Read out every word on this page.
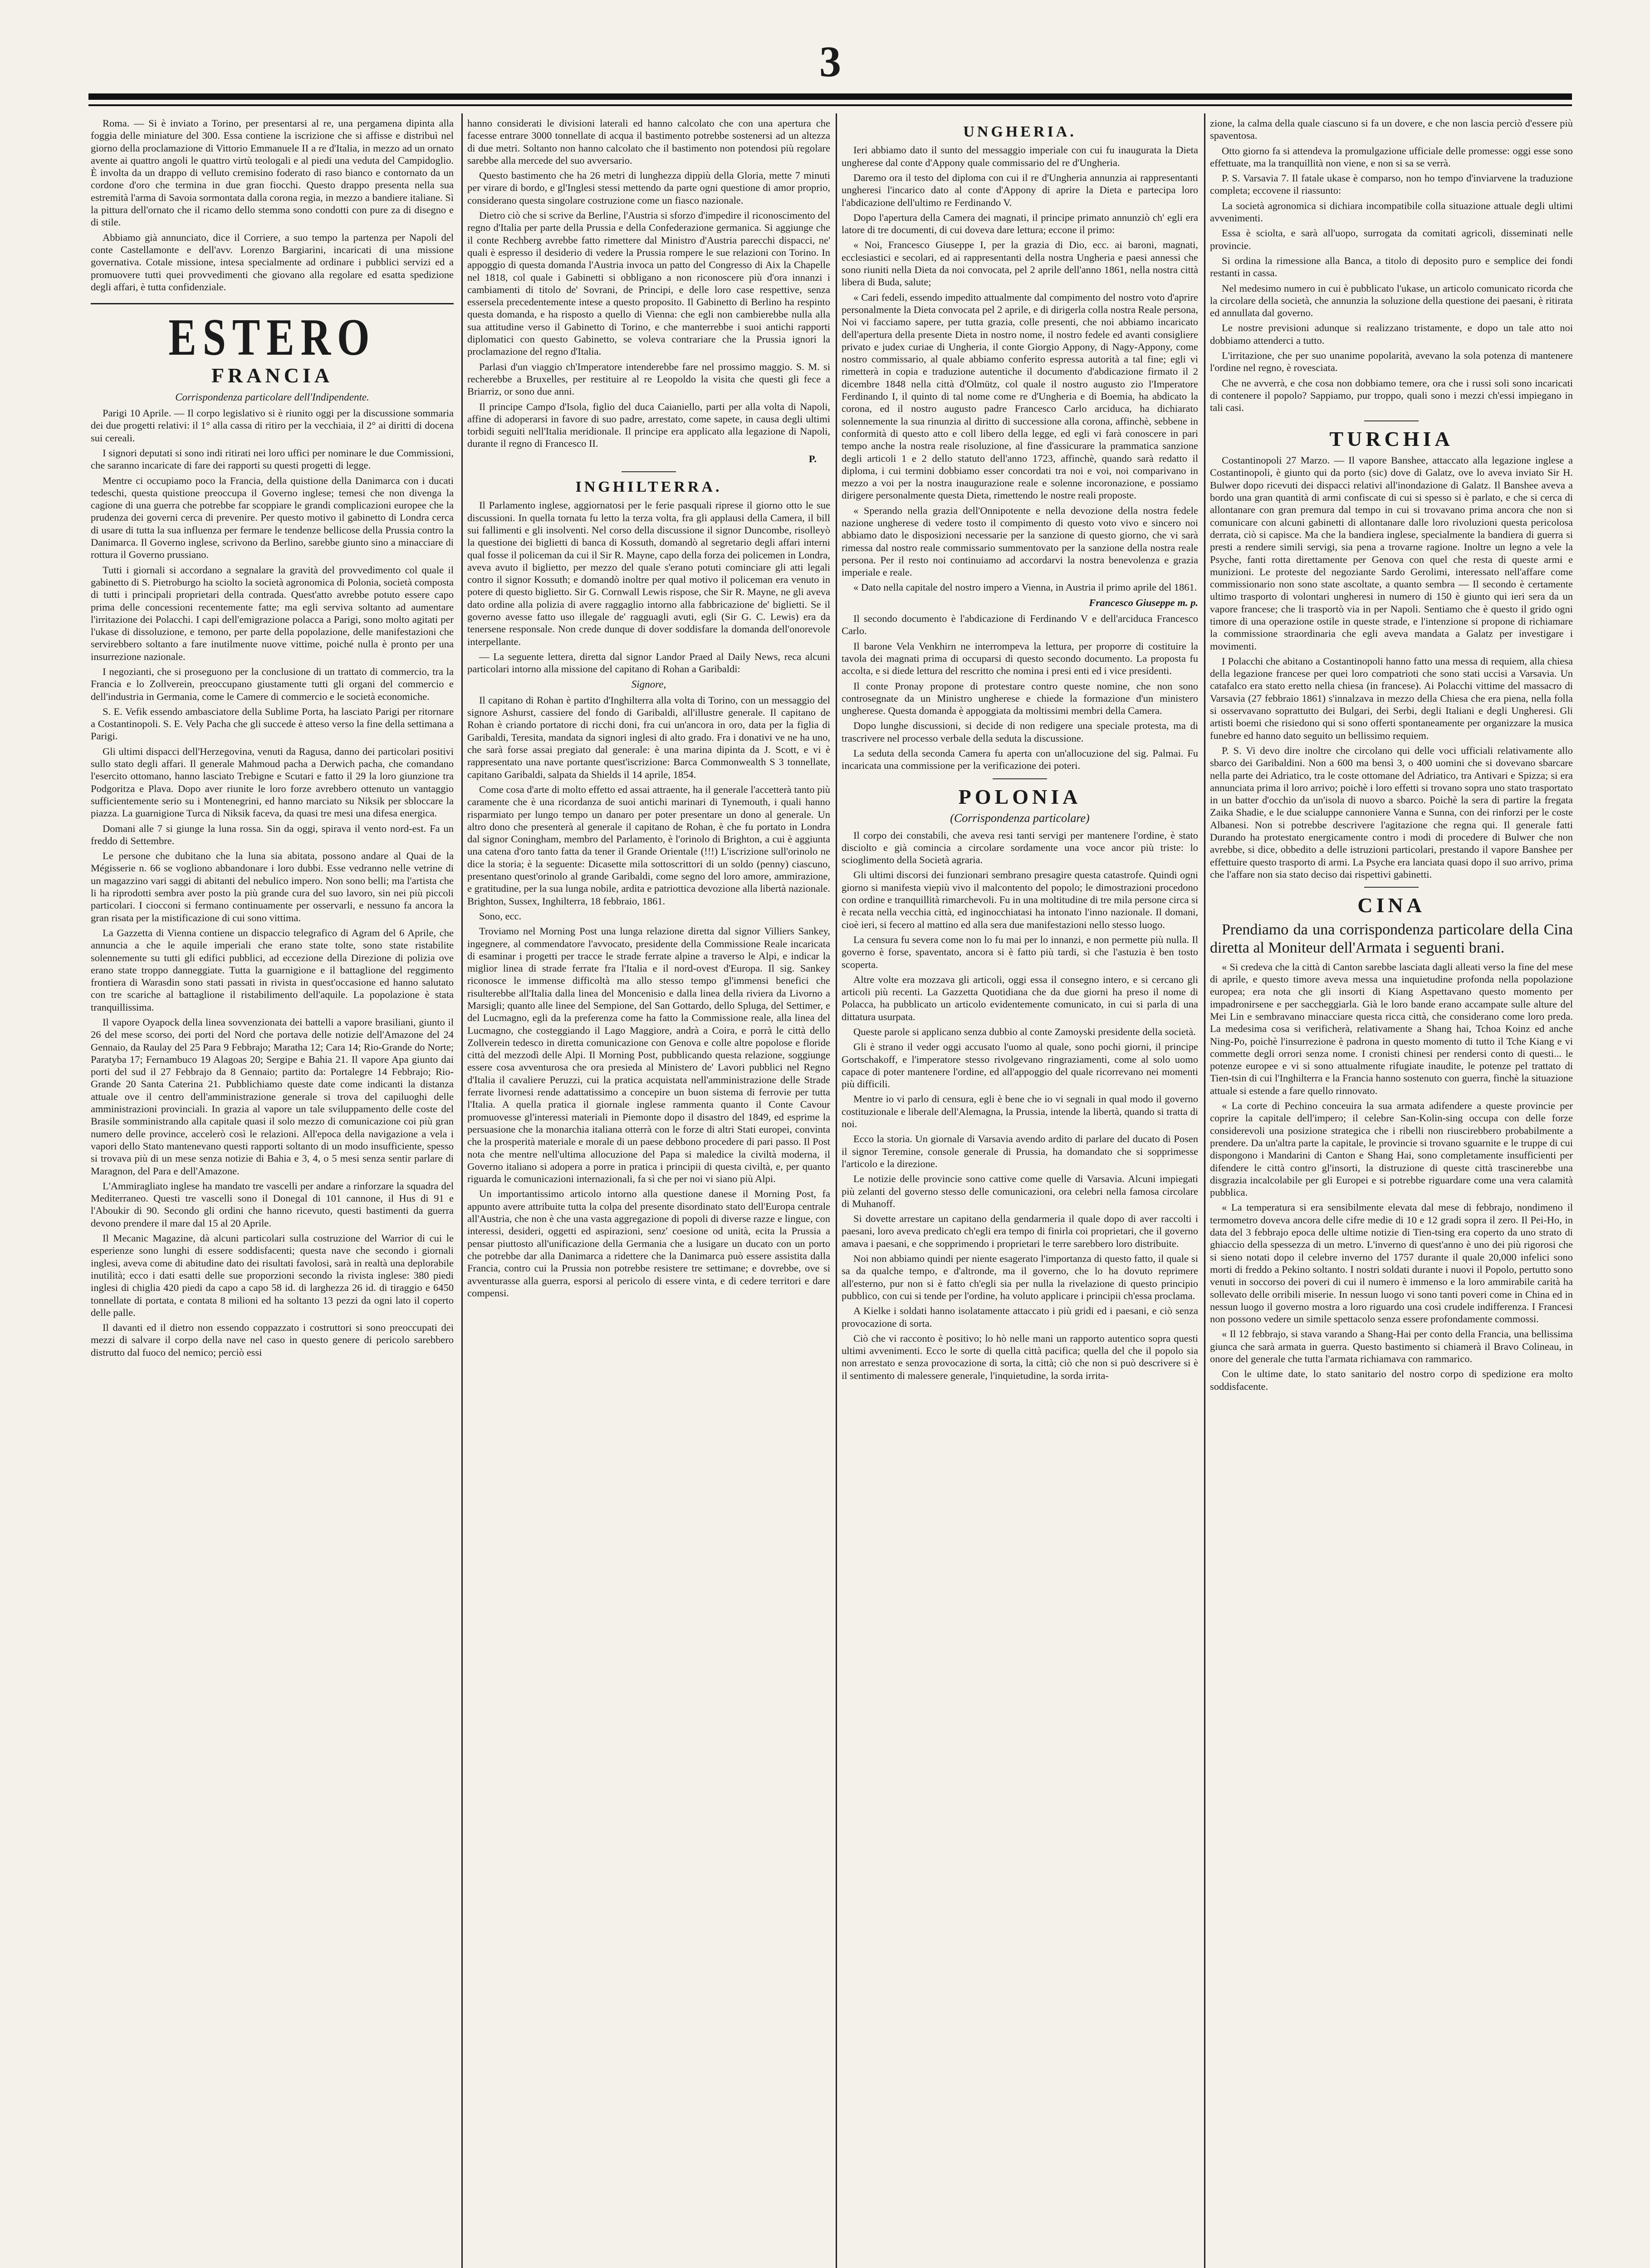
3

Roma. — Si è inviato a Torino, per presentarsi al re, una pergamena dipinta alla foggia delle miniature del 300. Essa contiene la iscrizione che si affisse e distribuì nel giorno della proclamazione di Vittorio Emmanuele II a re d'Italia, in mezzo ad un ornato avente ai quattro angoli le quattro virtù teologali e al piedi una veduta del Campidoglio. È involta da un drappo di velluto cremisino foderato di raso bianco e contornato da un cordone d'oro che termina in due gran fiocchi. Questo drappo presenta nella sua estremità l'arma di Savoia sormontata dalla corona regia, in mezzo a bandiere italiane. Sì la pittura dell'ornato che il ricamo dello stemma sono condotti con pure za di disegno e di stile.

Abbiamo già annunciato, dice il Corriere, a suo tempo la partenza per Napoli del conte Castellamonte e dell'avv. Lorenzo Bargiarini, incaricati di una missione governativa. Cotale missione, intesa specialmente ad ordinare i pubblici servizi ed a promuovere tutti quei provvedimenti che giovano alla regolare ed esatta spedizione degli affari, è tutta confidenziale.

ESTERO
FRANCIA
Corrispondenza particolare dell'Indipendente.

Parigi 10 Aprile. — Il corpo legislativo si è riunito oggi per la discussione sommaria dei due progetti relativi: il 1° alla cassa di ritiro per la vecchiaia, il 2° ai diritti di docena sui cereali.

I signori deputati si sono indi ritirati nei loro uffici per nominare le due Commissioni, che saranno incaricate di fare dei rapporti su questi progetti di legge.

Mentre ci occupiamo poco la Francia, della quistione della Danimarca con i ducati tedeschi, questa quistione preoccupa il Governo inglese; temesi che non divenga la cagione di una guerra che potrebbe far scoppiare le grandi complicazioni europee che la prudenza dei governi cerca di prevenire. Per questo motivo il gabinetto di Londra cerca di usare di tutta la sua influenza per fermare le tendenze bellicose della Prussia contro la Danimarca. Il Governo inglese, scrivono da Berlino, sarebbe giunto sino a minacciare di rottura il Governo prussiano.

Tutti i giornali si accordano a segnalare la gravità del provvedimento col quale il gabinetto di S. Pietroburgo ha sciolto la società agronomica di Polonia, società composta di tutti i principali proprietari della contrada. Quest'atto avrebbe potuto essere capo prima delle concessioni recentemente fatte; ma egli serviva soltanto ad aumentare l'irritazione dei Polacchi. I capi dell'emigrazione polacca a Parigi, sono molto agitati per l'ukase di dissoluzione, e temono, per parte della popolazione, delle manifestazioni che servirebbero soltanto a fare inutilmente nuove vittime, poiché nulla è pronto per una insurrezione nazionale.

I negozianti, che si proseguono per la conclusione di un trattato di commercio, tra la Francia e lo Zollverein, preoccupano giustamente tutti gli organi del commercio e dell'industria in Germania, come le Camere di commercio e le società economiche.

S. E. Vefik essendo ambasciatore della Sublime Porta, ha lasciato Parigi per ritornare a Costantinopoli. S. E. Vely Pacha che gli succede è atteso verso la fine della settimana a Parigi.

Gli ultimi dispacci dell'Herzegovina, venuti da Ragusa, danno dei particolari positivi sullo stato degli affari. Il generale Mahmoud pacha a Derwich pacha, che comandano l'esercito ottomano, hanno lasciato Trebigne e Scutari e fatto il 29 la loro giunzione tra Podgoritza e Plava. Dopo aver riunite le loro forze avrebbero ottenuto un vantaggio sufficientemente serio su i Montenegrini, ed hanno marciato su Niksik per sbloccare la piazza. La guarnigione Turca di Niksik faceva, da quasi tre mesi una difesa energica.

Domani alle 7 si giunge la luna rossa. Sin da oggi, spirava il vento nord-est. Fa un freddo di Settembre.

Le persone che dubitano che la luna sia abitata, possono andare al Quai de la Mégisserie n. 66 se vogliono abbandonare i loro dubbi. Esse vedranno nelle vetrine di un magazzino vari saggi di abitanti del nebulico impero. Non sono belli; ma l'artista che li ha riprodotti sembra aver posto la più grande cura del suo lavoro, sin nei più piccoli particolari. I ciocconi si fermano continuamente per osservarli, e nessuno fa ancora la gran risata per la mistificazione di cui sono vittima.

La Gazzetta di Vienna contiene un dispaccio telegrafico di Agram del 6 Aprile, che annuncia a che le aquile imperiali che erano state tolte, sono state ristabilite solennemente su tutti gli edifici pubblici, ad eccezione della Direzione di polizia ove erano state troppo danneggiate. Tutta la guarnigione e il battaglione del reggimento frontiera di Warasdin sono stati passati in rivista in quest'occasione ed hanno salutato con tre scariche al battaglione il ristabilimento dell'aquile. La popolazione è stata tranquillissima.

Il vapore Oyapock della linea sovvenzionata dei battelli a vapore brasiliani, giunto il 26 del mese scorso, dei porti del Nord che portava delle notizie dell'Amazone del 24 Gennaio, da Raulay del 25 Para 9 Febbrajo; Maratha 12; Cara 14; Rio-Grande do Norte; Paratyba 17; Fernambuco 19 Alagoas 20; Sergipe e Bahia 21. Il vapore Apa giunto dai porti del sud il 27 Febbrajo da 8 Gennaio; partito da: Portalegre 14 Febbrajo; Rio-Grande 20 Santa Caterina 21. Pubblichiamo queste date come indicanti la distanza attuale ove il centro dell'amministrazione generale si trova del capiluoghi delle amministrazioni provinciali. In grazia al vapore un tale sviluppamento delle coste del Brasile somministrando alla capitale quasi il solo mezzo di comunicazione coi più gran numero delle province, accelerò così le relazioni. All'epoca della navigazione a vela i vapori dello Stato mantenevano questi rapporti soltanto di un modo insufficiente, spesso si trovava più di un mese senza notizie di Bahia e 3, 4, o 5 mesi senza sentir parlare di Maragnon, del Para e dell'Amazone.

L'Ammiragliato inglese ha mandato tre vascelli per andare a rinforzare la squadra del Mediterraneo. Questi tre vascelli sono il Donegal di 101 cannone, il Hus di 91 e l'Aboukir di 90. Secondo gli ordini che hanno ricevuto, questi bastimenti da guerra devono prendere il mare dal 15 al 20 Aprile.

Il Mecanic Magazine, dà alcuni particolari sulla costruzione del Warrior di cui le esperienze sono lunghi di essere soddisfacenti; questa nave che secondo i giornali inglesi, aveva come di abitudine dato dei risultati favolosi, sarà in realtà una deplorabile inutilità; ecco i dati esatti delle sue proporzioni secondo la rivista inglese: 380 piedi inglesi di chiglia 420 piedi da capo a capo 58 id. di larghezza 26 id. di tiraggio e 6450 tonnellate di portata, e contata 8 milioni ed ha soltanto 13 pezzi da ogni lato il coperto delle palle.

Il davanti ed il dietro non essendo coppazzato i costruttori si sono preoccupati dei mezzi di salvare il corpo della nave nel caso in questo genere di pericolo sarebbero distrutto dal fuoco del nemico; perciò essi

hanno considerati le divisioni laterali ed hanno calcolato che con una apertura che facesse entrare 3000 tonnellate di acqua il bastimento potrebbe sostenersi ad un altezza di due metri. Soltanto non hanno calcolato che il bastimento non potendosi più regolare sarebbe alla mercede del suo avversario.

Questo bastimento che ha 26 metri di lunghezza dippiù della Gloria, mette 7 minuti per virare di bordo, e gl'Inglesi stessi mettendo da parte ogni questione di amor proprio, considerano questa singolare costruzione come un fiasco nazionale.

Dietro ciò che si scrive da Berline, l'Austria si sforzo d'impedire il riconoscimento del regno d'Italia per parte della Prussia e della Confederazione germanica. Si aggiunge che il conte Rechberg avrebbe fatto rimettere dal Ministro d'Austria parecchi dispacci, ne' quali è espresso il desiderio di vedere la Prussia rompere le sue relazioni con Torino. In appoggio di questa domanda l'Austria invoca un patto del Congresso di Aix la Chapelle nel 1818, col quale i Gabinetti si obbligano a non riconoscere più d'ora innanzi i cambiamenti di titolo de' Sovrani, de Principi, e delle loro case respettive, senza essersela precedentemente intese a questo proposito. Il Gabinetto di Berlino ha respinto questa domanda, e ha risposto a quello di Vienna: che egli non cambierebbe nulla alla sua attitudine verso il Gabinetto di Torino, e che manterrebbe i suoi antichi rapporti diplomatici con questo Gabinetto, se voleva contrariare che la Prussia ignori la proclamazione del regno d'Italia.

Parlasi d'un viaggio ch'Imperatore intenderebbe fare nel prossimo maggio. S. M. si recherebbe a Bruxelles, per restituire al re Leopoldo la visita che questi gli fece a Briarriz, or sono due anni.

Il principe Campo d'Isola, figlio del duca Caianiello, parti per alla volta di Napoli, affine di adoperarsi in favore di suo padre, arrestato, come sapete, in causa degli ultimi torbidi seguiti nell'Italia meridionale. Il principe era applicato alla legazione di Napoli, durante il regno di Francesco II.

P.
INGHILTERRA.

Il Parlamento inglese, aggiornatosi per le ferie pasquali riprese il giorno otto le sue discussioni. In quella tornata fu letto la terza volta, fra gli applausi della Camera, il bill sui fallimenti e gli insolventi. Nel corso della discussione il signor Duncombe, risolleyò la questione dei biglietti di banca di Kossuth, domandò al segretario degli affari interni qual fosse il policeman da cui il Sir R. Mayne, capo della forza dei policemen in Londra, aveva avuto il biglietto, per mezzo del quale s'erano potuti cominciare gli atti legali contro il signor Kossuth; e domandò inoltre per qual motivo il policeman era venuto in potere di questo biglietto. Sir G. Cornwall Lewis rispose, che Sir R. Mayne, ne gli aveva dato ordine alla polizia di avere raggaglio intorno alla fabbricazione de' biglietti. Se il governo avesse fatto uso illegale de' ragguagli avuti, egli (Sir G. C. Lewis) era da tenersene responsale. Non crede dunque di dover soddisfare la domanda dell'onorevole interpellante.

— La seguente lettera, diretta dal signor Landor Praed al Daily News, reca alcuni particolari intorno alla missione del capitano di Rohan a Garibaldi:

Signore,

Il capitano di Rohan è partito d'Inghilterra alla volta di Torino, con un messaggio del signore Ashurst, cassiere del fondo di Garibaldi, all'illustre generale. Il capitano de Rohan è criando portatore di ricchi doni, fra cui un'ancora in oro, data per la figlia di Garibaldi, Teresita, mandata da signori inglesi di alto grado. Fra i donativi ve ne ha uno, che sarà forse assai pregiato dal generale: è una marina dipinta da J. Scott, e vi è rappresentato una nave portante quest'iscrizione: Barca Commonwealth S 3 tonnellate, capitano Garibaldi, salpata da Shields il 14 aprile, 1854.

Come cosa d'arte di molto effetto ed assai attraente, ha il generale l'accetterà tanto più caramente che è una ricordanza de suoi antichi marinari di Tynemouth, i quali hanno risparmiato per lungo tempo un danaro per poter presentare un dono al generale. Un altro dono che presenterà al generale il capitano de Rohan, è che fu portato in Londra dal signor Coningham, membro del Parlamento, è l'orinolo di Brighton, a cui è aggiunta una catena d'oro tanto fatta da tener il Grande Orientale (!!!) L'iscrizione sull'orinolo ne dice la storia; è la seguente: Dicasette mila sottoscrittori di un soldo (penny) ciascuno, presentano quest'orinolo al grande Garibaldi, come segno del loro amore, ammirazione, e gratitudine, per la sua lunga nobile, ardita e patriottica devozione alla libertà nazionale. Brighton, Sussex, Inghilterra, 18 febbraio, 1861.

Sono, ecc.

Troviamo nel Morning Post una lunga relazione diretta dal signor Villiers Sankey, ingegnere, al commendatore l'avvocato, presidente della Commissione Reale incaricata di esaminar i progetti per tracce le strade ferrate alpine a traverso le Alpi, e indicar la miglior linea di strade ferrate fra l'Italia e il nord-ovest d'Europa. Il sig. Sankey riconosce le immense difficoltà ma allo stesso tempo gl'immensi benefici che risulterebbe all'Italia dalla linea del Moncenisio e dalla linea della riviera da Livorno a Marsigli; quanto alle linee del Sempione, del San Gottardo, dello Spluga, del Settimer, e del Lucmagno, egli da la preferenza come ha fatto la Commissione reale, alla linea del Lucmagno, che costeggiando il Lago Maggiore, andrà a Coira, e porrà le città dello Zollverein tedesco in diretta comunicazione con Genova e colle altre popolose e floride città del mezzodì delle Alpi. Il Morning Post, pubblicando questa relazione, soggiunge essere cosa avventurosa che ora presieda al Ministero de' Lavori pubblici nel Regno d'Italia il cavaliere Peruzzi, cui la pratica acquistata nell'amministrazione delle Strade ferrate livornesi rende adattatissimo a concepire un buon sistema di ferrovie per tutta l'Italia. A quella pratica il giornale inglese rammenta quanto il Conte Cavour promuovesse gl'interessi materiali in Piemonte dopo il disastro del 1849, ed esprime la persuasione che la monarchia italiana otterrà con le forze di altri Stati europei, convinta che la prosperità materiale e morale di un paese debbono procedere di pari passo. Il Post nota che mentre nell'ultima allocuzione del Papa si maledice la civiltà moderna, il Governo italiano si adopera a porre in pratica i principii di questa civiltà, e, per quanto riguarda le comunicazioni internazionali, fa sì che per noi vi siano più Alpi.

Un importantissimo articolo intorno alla questione danese il Morning Post, fa appunto avere attribuite tutta la colpa del presente disordinato stato dell'Europa centrale all'Austria, che non è che una vasta aggregazione di popoli di diverse razze e lingue, con interessi, desideri, oggetti ed aspirazioni, senz' coesione od unità, ecita la Prussia a pensar piuttosto all'unificazione della Germania che a lusigare un ducato con un porto che potrebbe dar alla Danimarca a ridettere che la Danimarca può essere assistita dalla Francia, contro cui la Prussia non potrebbe resistere tre settimane; e dovrebbe, ove si avventurasse alla guerra, esporsi al pericolo di essere vinta, e di cedere territori e dare compensi.

UNGHERIA.

Ieri abbiamo dato il sunto del messaggio imperiale con cui fu inaugurata la Dieta ungherese dal conte d'Appony quale commissario del re d'Ungheria.

Daremo ora il testo del diploma con cui il re d'Ungheria annunzia ai rappresentanti ungheresi l'incarico dato al conte d'Appony di aprire la Dieta e partecipa loro l'abdicazione dell'ultimo re Ferdinando V.

Dopo l'apertura della Camera dei magnati, il principe primato annunziò ch' egli era latore di tre documenti, di cui doveva dare lettura; eccone il primo:

« Noi, Francesco Giuseppe I, per la grazia di Dio, ecc. ai baroni, magnati, ecclesiastici e secolari, ed ai rappresentanti della nostra Ungheria e paesi annessi che sono riuniti nella Dieta da noi convocata, pel 2 aprile dell'anno 1861, nella nostra città libera di Buda, salute;

« Cari fedeli, essendo impedito attualmente dal compimento del nostro voto d'aprire personalmente la Dieta convocata pel 2 aprile, e di dirigerla colla nostra Reale persona, Noi vi facciamo sapere, per tutta grazia, colle presenti, che noi abbiamo incaricato dell'apertura della presente Dieta in nostro nome, il nostro fedele ed avanti consigliere privato e judex curiae di Ungheria, il conte Giorgio Appony, di Nagy-Appony, come nostro commissario, al quale abbiamo conferito espressa autorità a tal fine; egli vi rimetterà in copia e traduzione autentiche il documento d'abdicazione firmato il 2 dicembre 1848 nella città d'Olmütz, col quale il nostro augusto zio l'Imperatore Ferdinando I, il quinto di tal nome come re d'Ungheria e di Boemia, ha abdicato la corona, ed il nostro augusto padre Francesco Carlo arciduca, ha dichiarato solennemente la sua rinunzia al diritto di successione alla corona, affinchè, sebbene in conformità di questo atto e coll libero della legge, ed egli vi farà conoscere in pari tempo anche la nostra reale risoluzione, al fine d'assicurare la prammatica sanzione degli articoli 1 e 2 dello statuto dell'anno 1723, affinchè, quando sarà redatto il diploma, i cui termini dobbiamo esser concordati tra noi e voi, noi comparivano in mezzo a voi per la nostra inaugurazione reale e solenne incoronazione, e possiamo dirigere personalmente questa Dieta, rimettendo le nostre reali proposte.

« Sperando nella grazia dell'Onnipotente e nella devozione della nostra fedele nazione ungherese di vedere tosto il compimento di questo voto vivo e sincero noi abbiamo dato le disposizioni necessarie per la sanzione di questo giorno, che vi sarà rimessa dal nostro reale commissario summentovato per la sanzione della nostra reale persona. Per il resto noi continuiamo ad accordarvi la nostra benevolenza e grazia imperiale e reale.

« Dato nella capitale del nostro impero a Vienna, in Austria il primo aprile del 1861.

Francesco Giuseppe m. p.

Il secondo documento è l'abdicazione di Ferdinando V e dell'arciduca Francesco Carlo.

Il barone Vela Venkhirn ne interrompeva la lettura, per proporre di costituire la tavola dei magnati prima di occuparsi di questo secondo documento. La proposta fu accolta, e si diede lettura del rescritto che nomina i presi enti ed i vice presidenti.

Il conte Pronay propone di protestare contro queste nomine, che non sono controsegnate da un Ministro ungherese e chiede la formazione d'un ministero ungherese. Questa domanda è appoggiata da moltissimi membri della Camera.

Dopo lunghe discussioni, si decide di non redigere una speciale protesta, ma di trascrivere nel processo verbale della seduta la discussione.

La seduta della seconda Camera fu aperta con un'allocuzione del sig. Palmai. Fu incaricata una commissione per la verificazione dei poteri.

POLONIA
(Corrispondenza particolare)

Il corpo dei constabili, che aveva resi tanti servigi per mantenere l'ordine, è stato disciolto e già comincia a circolare sordamente una voce ancor più triste: lo scioglimento della Società agraria.

Gli ultimi discorsi dei funzionari sembrano presagire questa catastrofe. Quindi ogni giorno si manifesta viepiù vivo il malcontento del popolo; le dimostrazioni procedono con ordine e tranquillità rimarchevoli. Fu in una moltitudine di tre mila persone circa si è recata nella vecchia città, ed inginocchiatasi ha intonato l'inno nazionale. Il domani, cioè ieri, si fecero al mattino ed alla sera due manifestazioni nello stesso luogo.

La censura fu severa come non lo fu mai per lo innanzi, e non permette più nulla. Il governo è forse, spaventato, ancora si è fatto più tardi, sì che l'astuzia è ben tosto scoperta.

Altre volte era mozzava gli articoli, oggi essa il consegno intero, e si cercano gli articoli più recenti. La Gazzetta Quotidiana che da due giorni ha preso il nome di Polacca, ha pubblicato un articolo evidentemente comunicato, in cui si parla di una dittatura usurpata.

Queste parole si applicano senza dubbio al conte Zamoyski presidente della società.

Gli è strano il veder oggi accusato l'uomo al quale, sono pochi giorni, il principe Gortschakoff, e l'imperatore stesso rivolgevano ringraziamenti, come al solo uomo capace di poter mantenere l'ordine, ed all'appoggio del quale ricorrevano nei momenti più difficili.

Mentre io vi parlo di censura, egli è bene che io vi segnali in qual modo il governo costituzionale e liberale dell'Alemagna, la Prussia, intende la libertà, quando si tratta di noi.

Ecco la storia. Un giornale di Varsavia avendo ardito di parlare del ducato di Posen il signor Teremine, console generale di Prussia, ha domandato che si sopprimesse l'articolo e la direzione.

Le notizie delle provincie sono cattive come quelle di Varsavia. Alcuni impiegati più zelanti del governo stesso delle comunicazioni, ora celebri nella famosa circolare di Muhanoff.

Si dovette arrestare un capitano della gendarmeria il quale dopo di aver raccolti i paesani, loro aveva predicato ch'egli era tempo di finirla coi proprietari, che il governo amava i paesani, e che sopprimendo i proprietari le terre sarebbero loro distribuite.

Noi non abbiamo quindi per niente esagerato l'importanza di questo fatto, il quale si sa da qualche tempo, e d'altronde, ma il governo, che lo ha dovuto reprimere all'esterno, pur non si è fatto ch'egli sia per nulla la rivelazione di questo principio pubblico, con cui si tende per l'ordine, ha voluto applicare i principii ch'essa proclama.

A Kielke i soldati hanno isolatamente attaccato i più gridi ed i paesani, e ciò senza provocazione di sorta.

Ciò che vi racconto è positivo; lo hò nelle mani un rapporto autentico sopra questi ultimi avvenimenti. Ecco le sorte di quella città pacifica; quella del che il popolo sia non arrestato e senza provocazione di sorta, la città; ciò che non si può descrivere si è il sentimento di malessere generale, l'inquietudine, la sorda irrita-

zione, la calma della quale ciascuno si fa un dovere, e che non lascia perciò d'essere più spaventosa.

Otto giorno fa si attendeva la promulgazione ufficiale delle promesse: oggi esse sono effettuate, ma la tranquillità non viene, e non si sa se verrà.

P. S. Varsavia 7. Il fatale ukase è comparso, non ho tempo d'inviarvene la traduzione completa; eccovene il riassunto:

La società agronomica si dichiara incompatibile colla situazione attuale degli ultimi avvenimenti.

Essa è sciolta, e sarà all'uopo, surrogata da comitati agricoli, disseminati nelle provincie.

Si ordina la rimessione alla Banca, a titolo di deposito puro e semplice dei fondi restanti in cassa.

Nel medesimo numero in cui è pubblicato l'ukase, un articolo comunicato ricorda che la circolare della società, che annunzia la soluzione della questione dei paesani, è ritirata ed annullata dal governo.

Le nostre previsioni adunque si realizzano tristamente, e dopo un tale atto noi dobbiamo attenderci a tutto.

L'irritazione, che per suo unanime popolarità, avevano la sola potenza di mantenere l'ordine nel regno, è rovesciata.

Che ne avverrà, e che cosa non dobbiamo temere, ora che i russi soli sono incaricati di contenere il popolo? Sappiamo, pur troppo, quali sono i mezzi ch'essi impiegano in tali casi.

TURCHIA

Costantinopoli 27 Marzo. — Il vapore Banshee, attaccato alla legazione inglese a Costantinopoli, è giunto qui da porto (sic) dove di Galatz, ove lo aveva inviato Sir H. Bulwer dopo ricevuti dei dispacci relativi all'inondazione di Galatz. Il Banshee aveva a bordo una gran quantità di armi confiscate di cui si spesso si è parlato, e che si cerca di allontanare con gran premura dal tempo in cui si trovavano prima ancora che non si comunicare con alcuni gabinetti di allontanare dalle loro rivoluzioni questa pericolosa derrata, ciò si capisce. Ma che la bandiera inglese, specialmente la bandiera di guerra si presti a rendere simili servigi, sia pena a trovarne ragione. Inoltre un legno a vele la Psyche, fanti rotta direttamente per Genova con quel che resta di queste armi e munizioni. Le proteste del negoziante Sardo Gerolimi, interessato nell'affare come commissionario non sono state ascoltate, a quanto sembra — Il secondo è certamente ultimo trasporto di volontari ungheresi in numero di 150 è giunto qui ieri sera da un vapore francese; che li trasportò via in per Napoli. Sentiamo che è questo il grido ogni timore di una operazione ostile in queste strade, e l'intenzione si propone di richiamare la commissione straordinaria che egli aveva mandata a Galatz per investigare i movimenti.

I Polacchi che abitano a Costantinopoli hanno fatto una messa di requiem, alla chiesa della legazione francese per quei loro compatrioti che sono stati uccisi a Varsavia. Un catafalco era stato eretto nella chiesa (in francese). Ai Polacchi vittime del massacro di Varsavia (27 febbraio 1861) s'innalzava in mezzo della Chiesa che era piena, nella folla si osservavano soprattutto dei Bulgari, dei Serbi, degli Italiani e degli Ungheresi. Gli artisti boemi che risiedono qui si sono offerti spontaneamente per organizzare la musica funebre ed hanno dato seguito un bellissimo requiem.

P. S. Vi devo dire inoltre che circolano qui delle voci ufficiali relativamente allo sbarco dei Garibaldini. Non a 600 ma bensì 3, o 400 uomini che si dovevano sbarcare nella parte dei Adriatico, tra le coste ottomane del Adriatico, tra Antivari e Spizza; si era annunciata prima il loro arrivo; poichè i loro effetti si trovano sopra uno stato trasportato in un batter d'occhio da un'isola di nuovo a sbarco. Poichè la sera di partire la fregata Zaika Shadie, e le due scialuppe cannoniere Vanna e Sunna, con dei rinforzi per le coste Albanesi. Non si potrebbe descrivere l'agitazione che regna qui. Il generale fatti Durando ha protestato energicamente contro i modi di procedere di Bulwer che non avrebbe, si dice, obbedito a delle istruzioni particolari, prestando il vapore Banshee per effettuire questo trasporto di armi. La Psyche era lanciata quasi dopo il suo arrivo, prima che l'affare non sia stato deciso dai rispettivi gabinetti.

CINA
Prendiamo da una corrispondenza particolare della Cina diretta al Moniteur dell'Armata i seguenti brani.

« Si credeva che la città di Canton sarebbe lasciata dagli alleati verso la fine del mese di aprile, e questo timore aveva messa una inquietudine profonda nella popolazione europea; era nota che gli insorti di Kiang Aspettavano questo momento per impadronirsene e per saccheggiarla. Già le loro bande erano accampate sulle alture del Mei Lin e sembravano minacciare questa ricca città, che considerano come loro preda. La medesima cosa si verificherà, relativamente a Shang hai, Tchoa Koinz ed anche Ning-Po, poichè l'insurrezione è padrona in questo momento di tutto il Tche Kiang e vi commette degli orrori senza nome. I cronisti chinesi per rendersi conto di questi... le potenze europee e vi si sono attualmente rifugiate inaudite, le potenze pel trattato di Tien-tsin di cui l'Inghilterra e la Francia hanno sostenuto con guerra, finchè la situazione attuale si estende a fare quello rinnovato.

« La corte di Pechino conceuira la sua armata adifendere a queste provincie per coprire la capitale dell'impero; il celebre San-Kolin-sing occupa con delle forze considerevoli una posizione strategica che i ribelli non riuscirebbero probabilmente a prendere. Da un'altra parte la capitale, le provincie si trovano sguarnite e le truppe di cui dispongono i Mandarini di Canton e Shang Hai, sono completamente insufficienti per difendere le città contro gl'insorti, la distruzione di queste città trascinerebbe una disgrazia incalcolabile per gli Europei e si potrebbe riguardare come una vera calamità pubblica.

« La temperatura si era sensibilmente elevata dal mese di febbrajo, nondimeno il termometro doveva ancora delle cifre medie di 10 e 12 gradi sopra il zero. Il Pei-Ho, in data del 3 febbrajo epoca delle ultime notizie di Tien-tsing era coperto da uno strato di ghiaccio della spessezza di un metro. L'inverno di quest'anno è uno dei più rigorosi che si sieno notati dopo il celebre inverno del 1757 durante il quale 20,000 infelici sono morti di freddo a Pekino soltanto. I nostri soldati durante i nuovi il Popolo, pertutto sono venuti in soccorso dei poveri di cui il numero è immenso e la loro ammirabile carità ha sollevato delle orribili miserie. In nessun luogo vi sono tanti poveri come in China ed in nessun luogo il governo mostra a loro riguardo una così crudele indifferenza. I Francesi non possono vedere un simile spettacolo senza essere profondamente commossi.

« Il 12 febbrajo, si stava varando a Shang-Hai per conto della Francia, una bellissima giunca che sarà armata in guerra. Questo bastimento si chiamerà il Bravo Colineau, in onore del generale che tutta l'armata richiamava con rammarico.

Con le ultime date, lo stato sanitario del nostro corpo di spedizione era molto soddisfacente.
